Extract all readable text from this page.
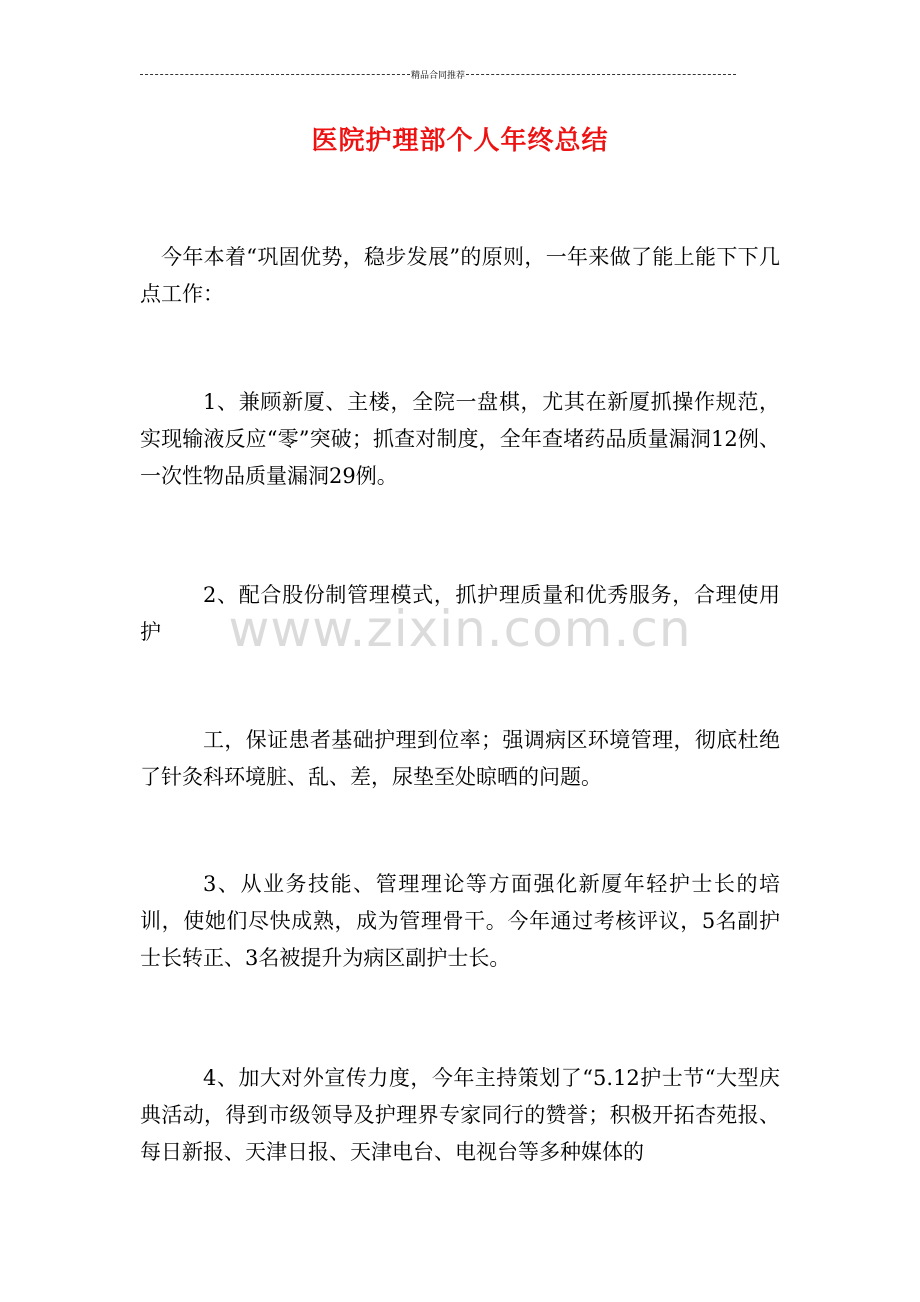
精品合同推荐
医院护理部个人年终总结

今年本着“巩固优势，稳步发展”的原则，一年来做了能上能下下几点工作：

1、兼顾新厦、主楼，全院一盘棋，尤其在新厦抓操作规范，实现输液反应“零”突破；抓查对制度，全年查堵药品质量漏洞12例、一次性物品质量漏洞29例。

2、配合股份制管理模式，抓护理质量和优秀服务，合理使用护

工，保证患者基础护理到位率；强调病区环境管理，彻底杜绝了针灸科环境脏、乱、差，尿垫至处晾晒的问题。

3、从业务技能、管理理论等方面强化新厦年轻护士长的培训，使她们尽快成熟，成为管理骨干。今年通过考核评议，5名副护士长转正、3名被提升为病区副护士长。

4、加大对外宣传力度，今年主持策划了“5.12护士节“大型庆典活动，得到市级领导及护理界专家同行的赞誉；积极开拓杏苑报、每日新报、天津日报、天津电台、电视台等多种媒体的

www.zixin.com.cn
